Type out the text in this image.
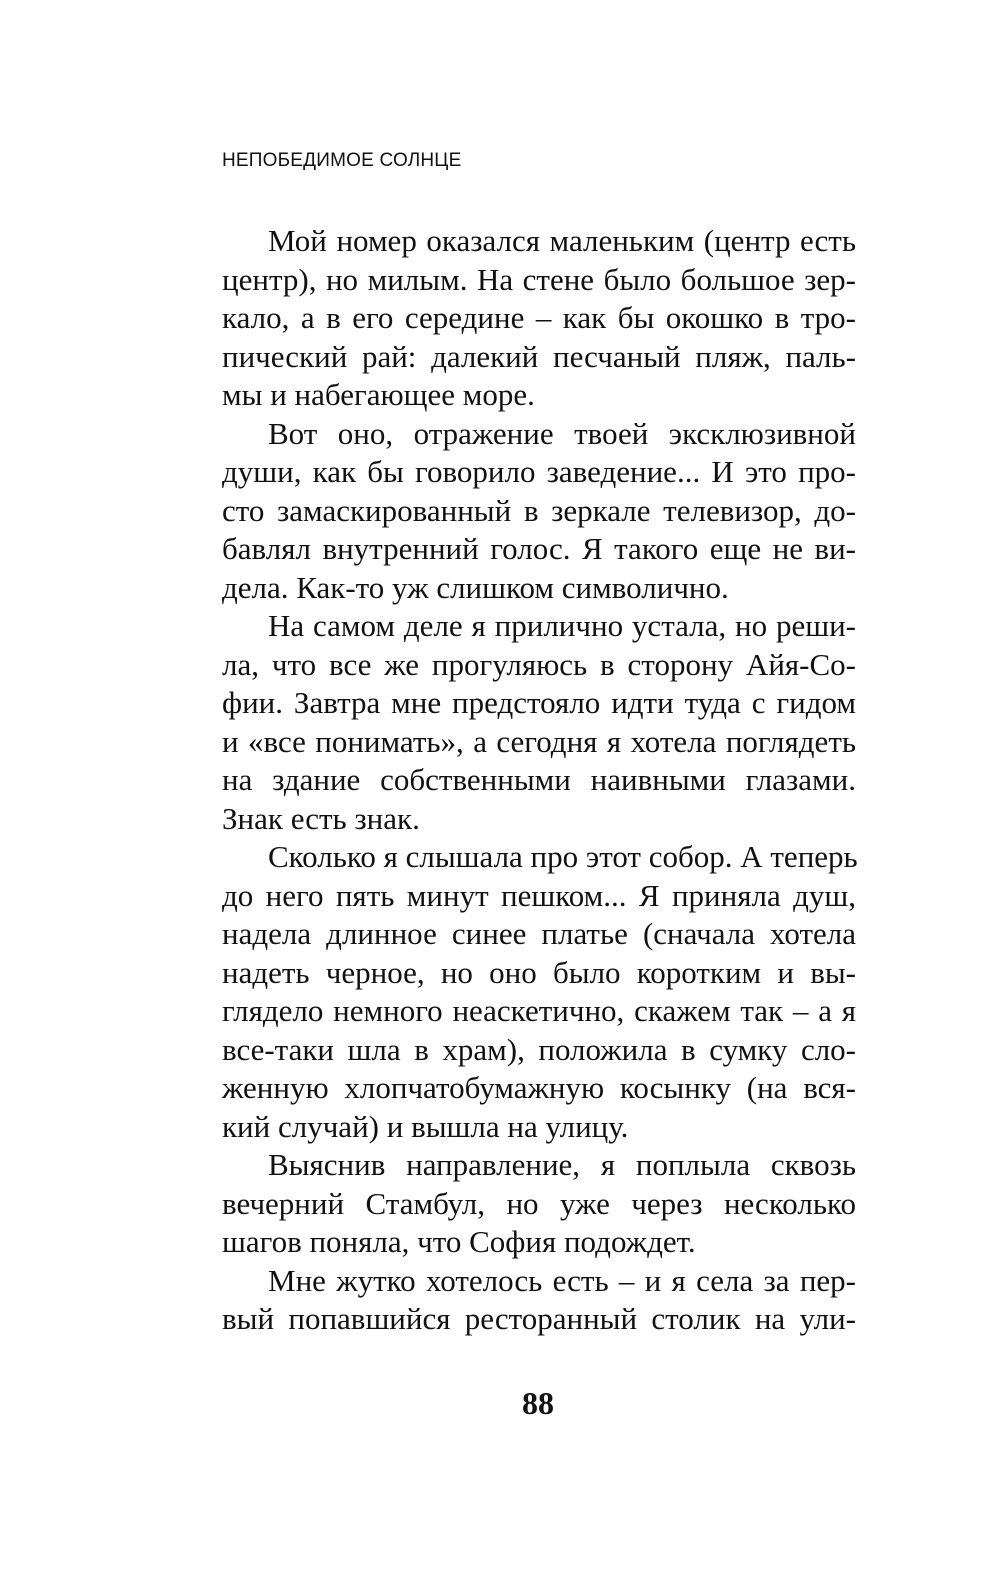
НЕПОБЕДИМОЕ СОЛНЦЕ

Мой номер оказался маленьким (центр есть
центр), но милым. На стене было большое зер-
кало, а в его середине – как бы окошко в тро-
пический рай: далекий песчаный пляж, паль-
мы и набегающее море.
Вот оно, отражение твоей эксклюзивной
души, как бы говорило заведение... И это про-
сто замаскированный в зеркале телевизор, до-
бавлял внутренний голос. Я такого еще не ви-
дела. Как-то уж слишком символично.
На самом деле я прилично устала, но реши-
ла, что все же прогуляюсь в сторону Айя-Со-
фии. Завтра мне предстояло идти туда с гидом
и «все понимать», а сегодня я хотела поглядеть
на здание собственными наивными глазами.
Знак есть знак.
Сколько я слышала про этот собор. А теперь
до него пять минут пешком... Я приняла душ,
надела длинное синее платье (сначала хотела
надеть черное, но оно было коротким и вы-
глядело немного неаскетично, скажем так – а я
все-таки шла в храм), положила в сумку сло-
женную хлопчатобумажную косынку (на вся-
кий случай) и вышла на улицу.
Выяснив направление, я поплыла сквозь
вечерний Стамбул, но уже через несколько
шагов поняла, что София подождет.
Мне жутко хотелось есть – и я села за пер-
вый попавшийся ресторанный столик на ули-

88
